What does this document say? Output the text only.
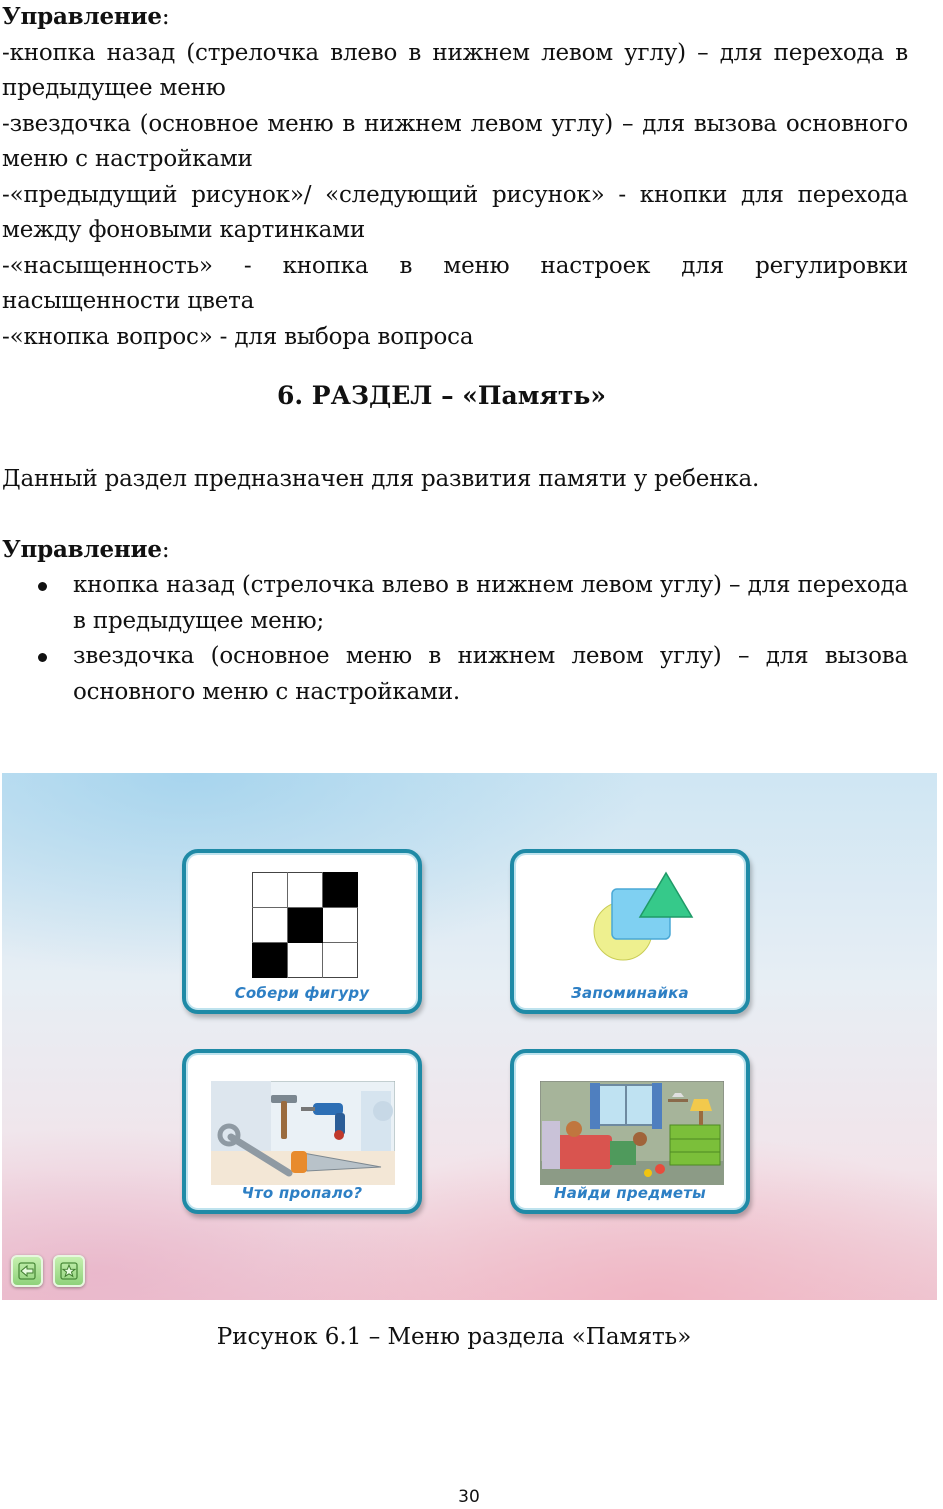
Управление:

-кнопка назад (стрелочка влево в нижнем левом углу) – для перехода в предыдущее меню

-звездочка (основное меню в нижнем левом углу) – для вызова основного меню с настройками

-«предыдущий рисунок»/ «следующий рисунок» - кнопки для перехода между фоновыми картинками

-«насыщенность» - кнопка в меню настроек для регулировки насыщенности цвета

-«кнопка вопрос» - для выбора вопроса

6. РАЗДЕЛ – «Память»

Данный раздел предназначен для развития памяти у ребенка.

Управление:

кнопка назад (стрелочка влево в нижнем левом углу) – для перехода в предыдущее меню;
звездочка (основное меню в нижнем левом углу) – для вызова основного меню с настройками.
Собери фигуру	Запоминайка
Что пропало?	Найди предметы

Рисунок 6.1 – Меню раздела «Память»

30
